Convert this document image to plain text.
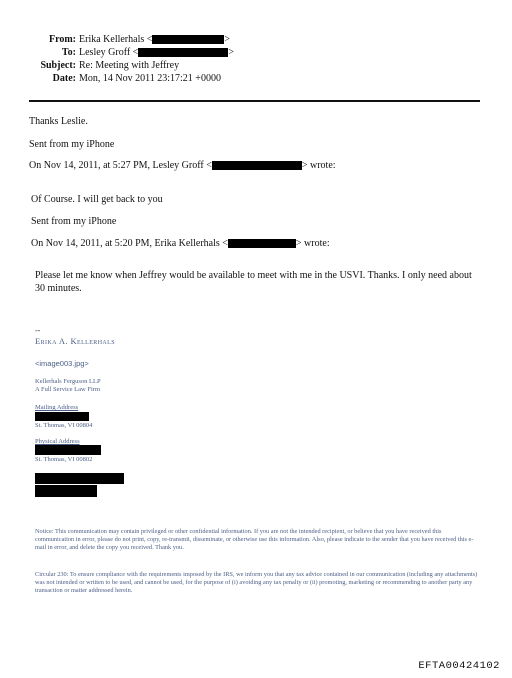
From: Erika Kellerhals <	>
To: Lesley Groff <	>
Subject: Re: Meeting with Jeffrey
Date: Mon, 14 Nov 2011 23:17:21 +0000
Thanks Leslie.
Sent from my iPhone
On Nov 14, 2011, at 5:27 PM, Lesley Groff <	> wrote:
Of Course. I will get back to you
Sent from my iPhone
On Nov 14, 2011, at 5:20 PM, Erika Kellerhals <	> wrote:
Please let me know when Jeffrey would be available to meet with me in the USVI. Thanks. I only need about
30 minutes.
--
Erika A. Kellerhals
<image003.jpg>
Kellerhals Ferguson LLP
A Full Service Law Firm
Mailing Address
St. Thomas, VI 00804
Physical Address
St. Thomas, VI 00802
Notice: This communication may contain privileged or other confidential information. If you are not the intended recipient, or believe that you have received this communication in error, please do not print, copy, re-transmit, disseminate, or otherwise use this information. Also, please indicate to the sender that you have received this e-mail in error, and delete the copy you received. Thank you.
Circular 230: To ensure compliance with the requirements imposed by the IRS, we inform you that any tax advice contained in our communication (including any attachments) was not intended or written to be used, and cannot be used, for the purpose of (i) avoiding any tax penalty or (ii) promoting, marketing or recommending to another party any transaction or matter addressed herein.
EFTA00424102
